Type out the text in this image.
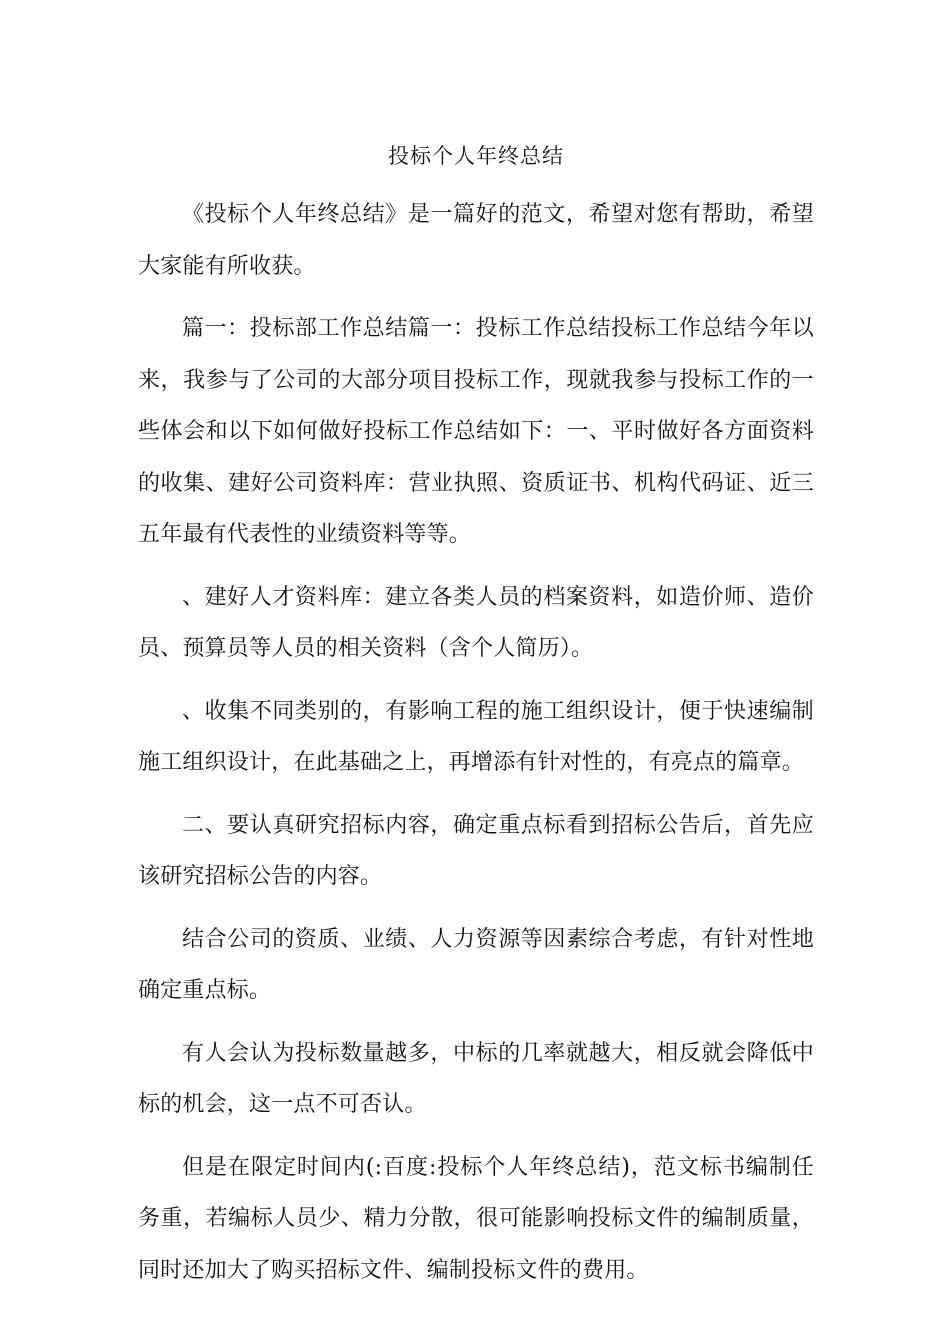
投标个人年终总结

《投标个人年终总结》是一篇好的范文，希望对您有帮助，希望大家能有所收获。

篇一：投标部工作总结篇一：投标工作总结投标工作总结今年以来，我参与了公司的大部分项目投标工作，现就我参与投标工作的一些体会和以下如何做好投标工作总结如下：一、平时做好各方面资料的收集、建好公司资料库：营业执照、资质证书、机构代码证、近三五年最有代表性的业绩资料等等。

、建好人才资料库：建立各类人员的档案资料，如造价师、造价员、预算员等人员的相关资料（含个人简历）。

、收集不同类别的，有影响工程的施工组织设计，便于快速编制施工组织设计，在此基础之上，再增添有针对性的，有亮点的篇章。

二、要认真研究招标内容，确定重点标看到招标公告后，首先应该研究招标公告的内容。

结合公司的资质、业绩、人力资源等因素综合考虑，有针对性地确定重点标。

有人会认为投标数量越多，中标的几率就越大，相反就会降低中标的机会，这一点不可否认。

但是在限定时间内(:百度:投标个人年终总结)，范文标书编制任务重，若编标人员少、精力分散，很可能影响投标文件的编制质量，同时还加大了购买招标文件、编制投标文件的费用。
